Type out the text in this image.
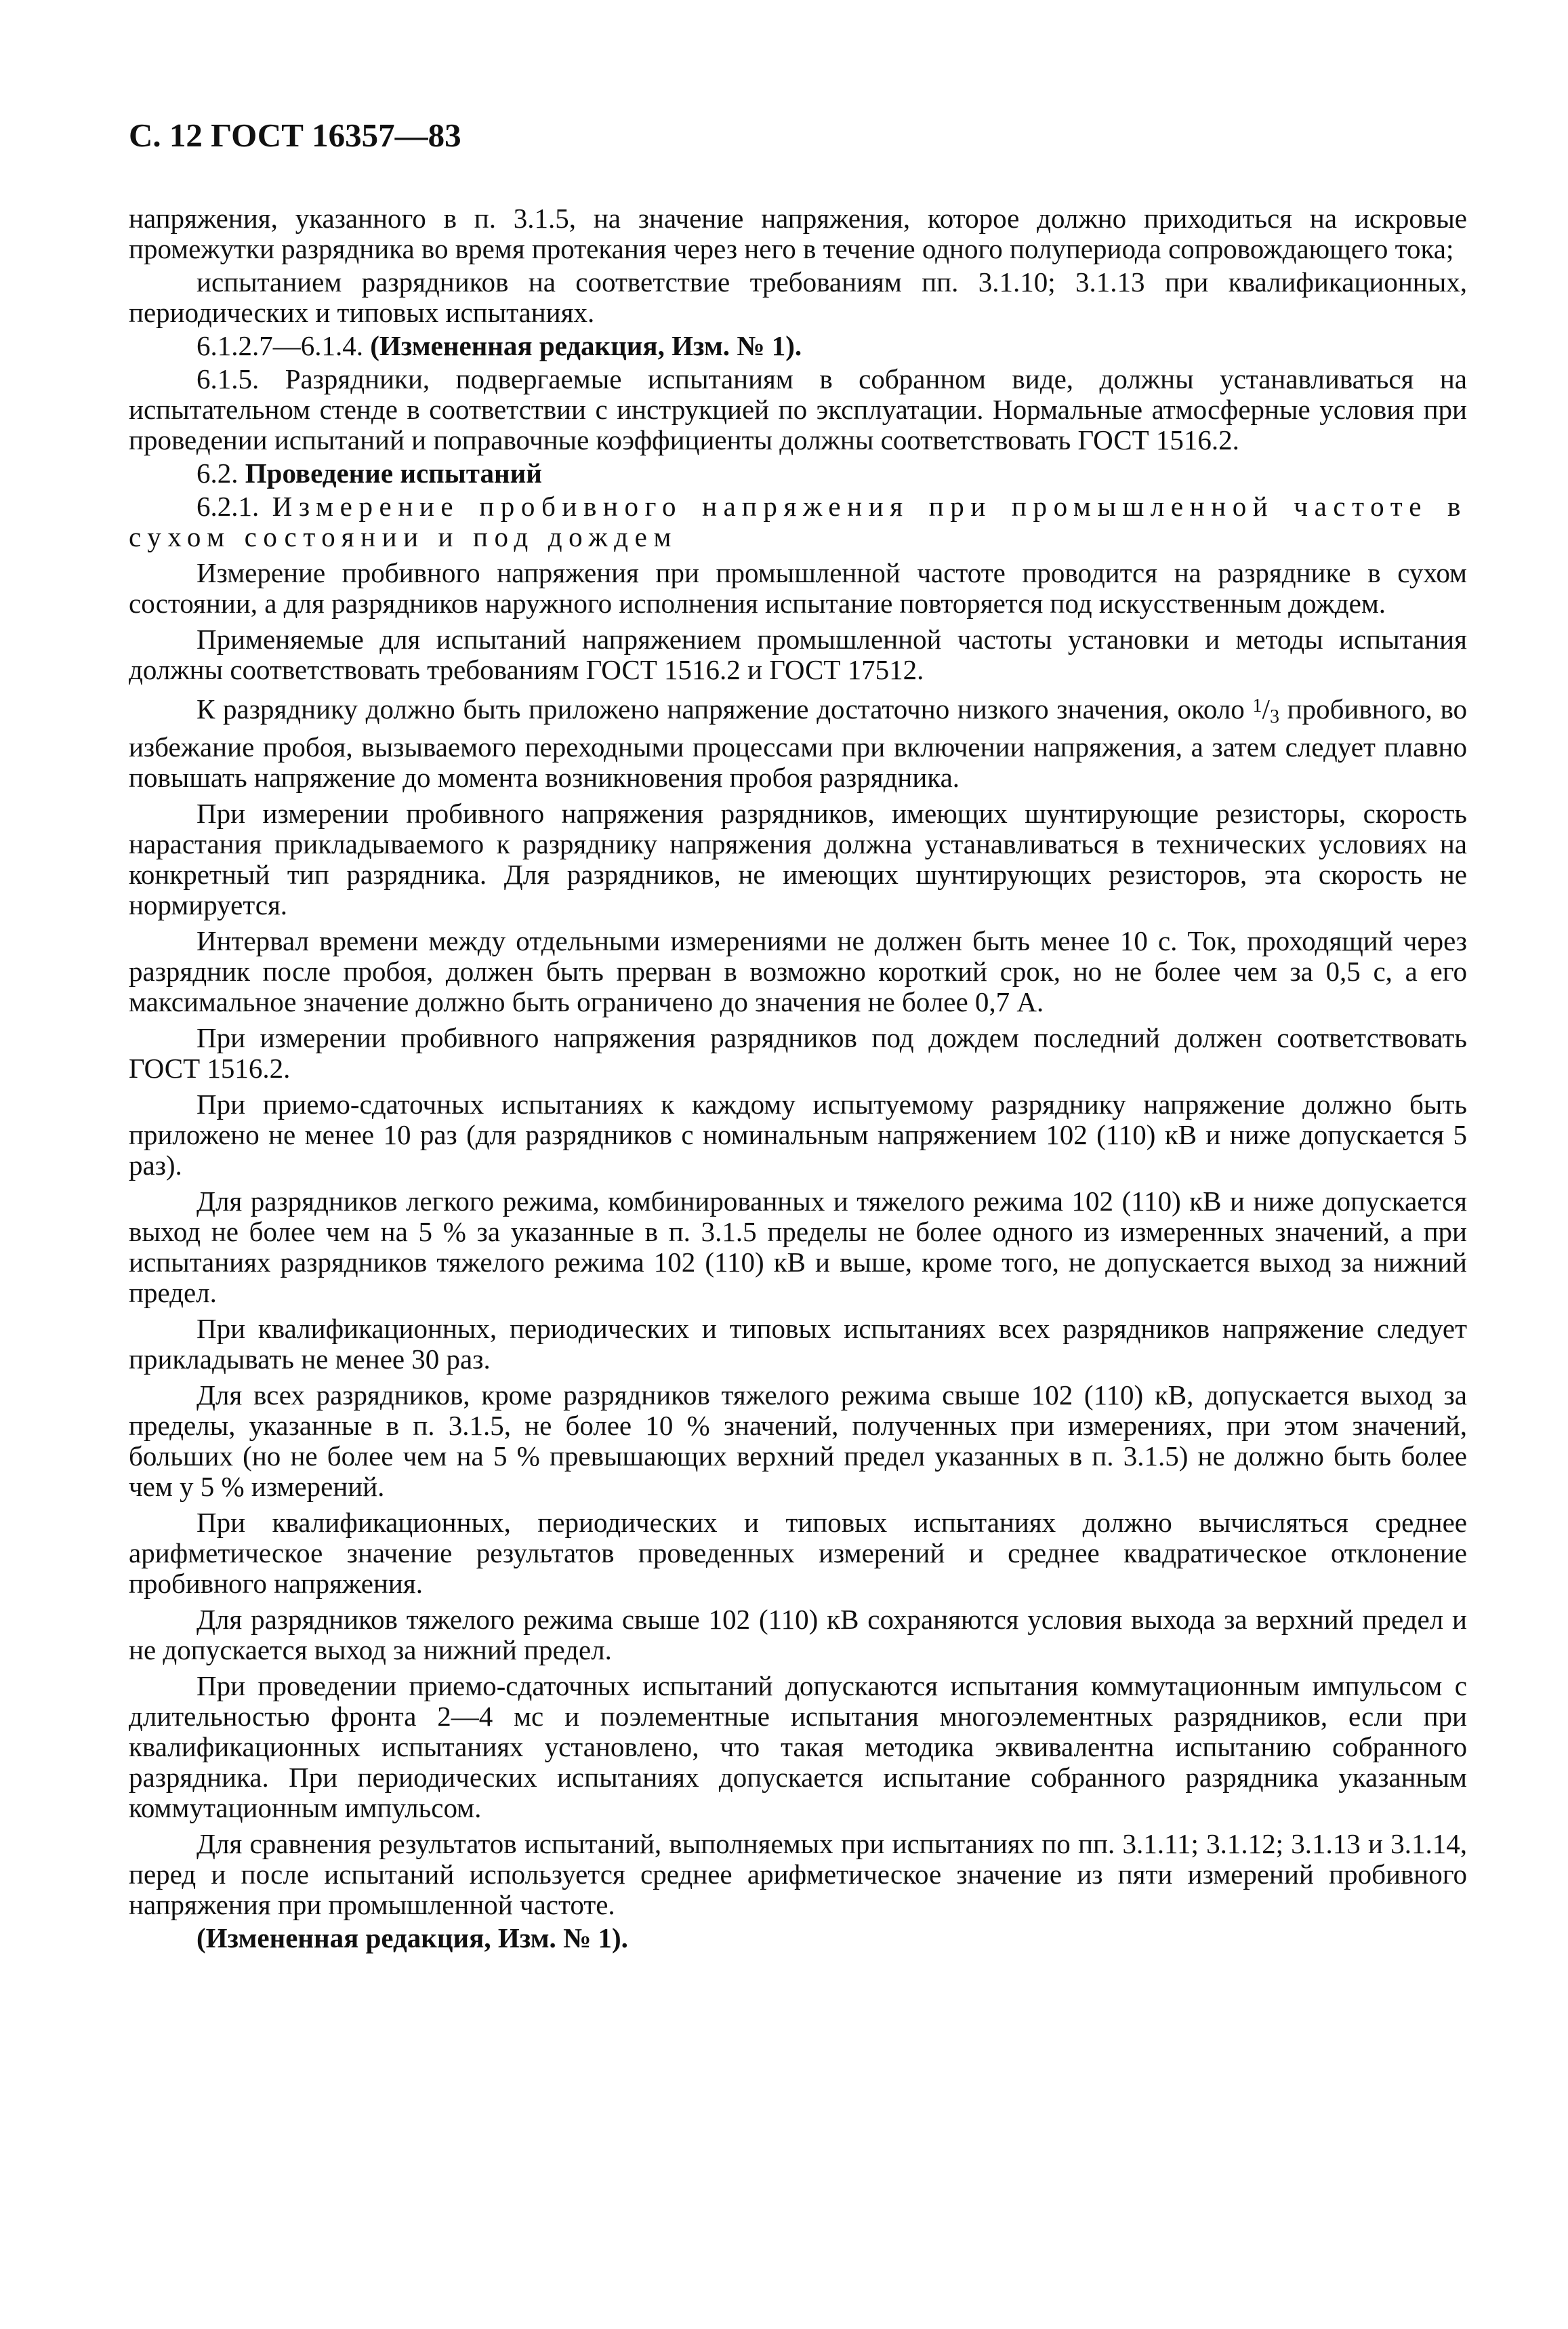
С. 12 ГОСТ 16357—83

напряжения, указанного в п. 3.1.5, на значение напряжения, которое должно приходиться на искровые промежутки разрядника во время протекания через него в течение одного полупериода сопровождающего тока;

испытанием разрядников на соответствие требованиям пп. 3.1.10; 3.1.13 при квалификационных, периодических и типовых испытаниях.

6.1.2.7—6.1.4. (Измененная редакция, Изм. № 1).

6.1.5. Разрядники, подвергаемые испытаниям в собранном виде, должны устанавливаться на испытательном стенде в соответствии с инструкцией по эксплуатации. Нормальные атмосферные условия при проведении испытаний и поправочные коэффициенты должны соответствовать ГОСТ 1516.2.

6.2. Проведение испытаний

6.2.1. Измерение пробивного напряжения при промышленной частоте в сухом состоянии и под дождем

Измерение пробивного напряжения при промышленной частоте проводится на разряднике в сухом состоянии, а для разрядников наружного исполнения испытание повторяется под искусственным дождем.

Применяемые для испытаний напряжением промышленной частоты установки и методы испытания должны соответствовать требованиям ГОСТ 1516.2 и ГОСТ 17512.

К разряднику должно быть приложено напряжение достаточно низкого значения, около $^1$/3 пробивного, во избежание пробоя, вызываемого переходными процессами при включении напряжения, а затем следует плавно повышать напряжение до момента возникновения пробоя разрядника.

При измерении пробивного напряжения разрядников, имеющих шунтирующие резисторы, скорость нарастания прикладываемого к разряднику напряжения должна устанавливаться в технических условиях на конкретный тип разрядника. Для разрядников, не имеющих шунтирующих резисторов, эта скорость не нормируется.

Интервал времени между отдельными измерениями не должен быть менее 10 с. Ток, проходящий через разрядник после пробоя, должен быть прерван в возможно короткий срок, но не более чем за 0,5 с, а его максимальное значение должно быть ограничено до значения не более 0,7 А.

При измерении пробивного напряжения разрядников под дождем последний должен соответствовать ГОСТ 1516.2.

При приемо-сдаточных испытаниях к каждому испытуемому разряднику напряжение должно быть приложено не менее 10 раз (для разрядников с номинальным напряжением 102 (110) кВ и ниже допускается 5 раз).

Для разрядников легкого режима, комбинированных и тяжелого режима 102 (110) кВ и ниже допускается выход не более чем на 5 % за указанные в п. 3.1.5 пределы не более одного из измеренных значений, а при испытаниях разрядников тяжелого режима 102 (110) кВ и выше, кроме того, не допускается выход за нижний предел.

При квалификационных, периодических и типовых испытаниях всех разрядников напряжение следует прикладывать не менее 30 раз.

Для всех разрядников, кроме разрядников тяжелого режима свыше 102 (110) кВ, допускается выход за пределы, указанные в п. 3.1.5, не более 10 % значений, полученных при измерениях, при этом значений, больших (но не более чем на 5 % превышающих верхний предел указанных в п. 3.1.5) не должно быть более чем у 5 % измерений.

При квалификационных, периодических и типовых испытаниях должно вычисляться среднее арифметическое значение результатов проведенных измерений и среднее квадратическое отклонение пробивного напряжения.

Для разрядников тяжелого режима свыше 102 (110) кВ сохраняются условия выхода за верхний предел и не допускается выход за нижний предел.

При проведении приемо-сдаточных испытаний допускаются испытания коммутационным импульсом с длительностью фронта 2—4 мс и поэлементные испытания многоэлементных разрядников, если при квалификационных испытаниях установлено, что такая методика эквивалентна испытанию собранного разрядника. При периодических испытаниях допускается испытание собранного разрядника указанным коммутационным импульсом.

Для сравнения результатов испытаний, выполняемых при испытаниях по пп. 3.1.11; 3.1.12; 3.1.13 и 3.1.14, перед и после испытаний используется среднее арифметическое значение из пяти измерений пробивного напряжения при промышленной частоте.

(Измененная редакция, Изм. № 1).
